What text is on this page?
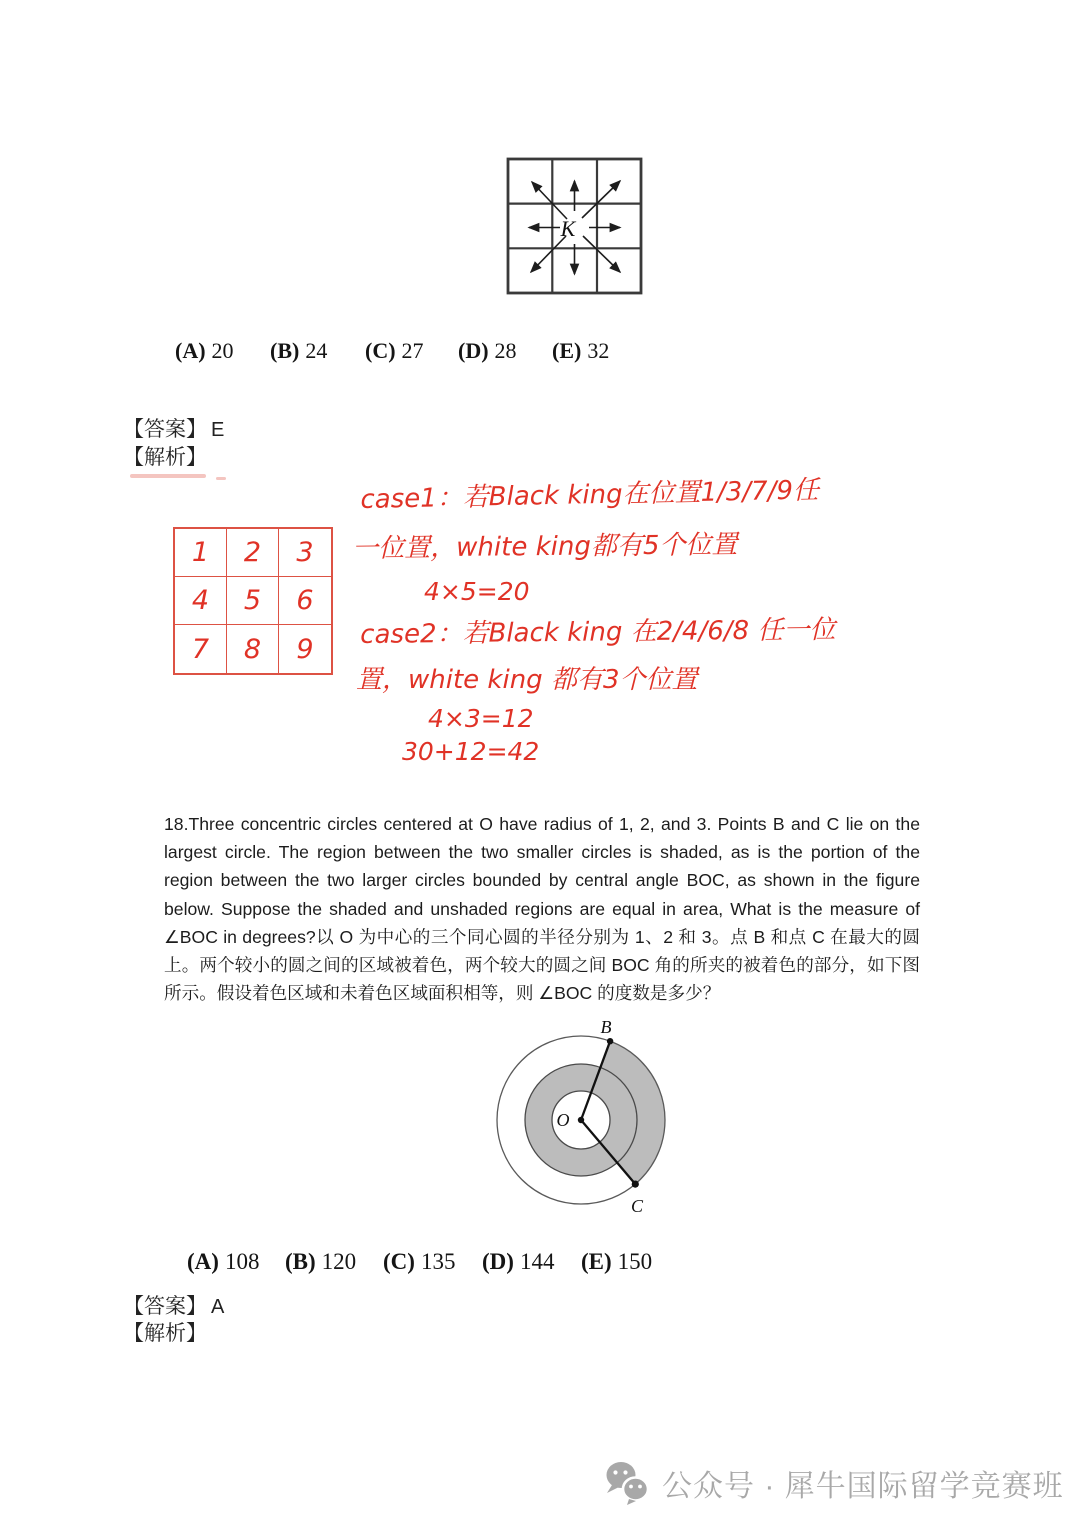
K
(A) 20 (B) 24 (C) 27 (D) 28 (E) 32
【答案】 E
【解析】
1	2	3
4	5	6
7	8	9
case1：若Black king在位置1/3/7/9任
一位置，white king都有5个位置
4×5=20
case2：若Black king 在2/4/6/8 任一位
置，white king 都有3个位置
4×3=12
30+12=42
18.Three concentric circles centered at O have radius of 1, 2, and 3. Points B and C lie on the largest circle. The region between the two smaller circles is shaded, as is the portion of the region between the two larger circles bounded by central angle BOC, as shown in the figure below. Suppose the shaded and unshaded regions are equal in area, What is the measure of ∠BOC in degrees?以 O 为中心的三个同心圆的半径分别为 1、2 和 3。点 B 和点 C 在最大的圆上。两个较小的圆之间的区域被着色，两个较大的圆之间 BOC 角的所夹的被着色的部分，如下图所示。假设着色区域和未着色区域面积相等，则 ∠BOC 的度数是多少？
B
O
C
(A) 108 (B) 120 (C) 135 (D) 144 (E) 150
【答案】 A
【解析】
公众号 · 犀牛国际留学竞赛班
